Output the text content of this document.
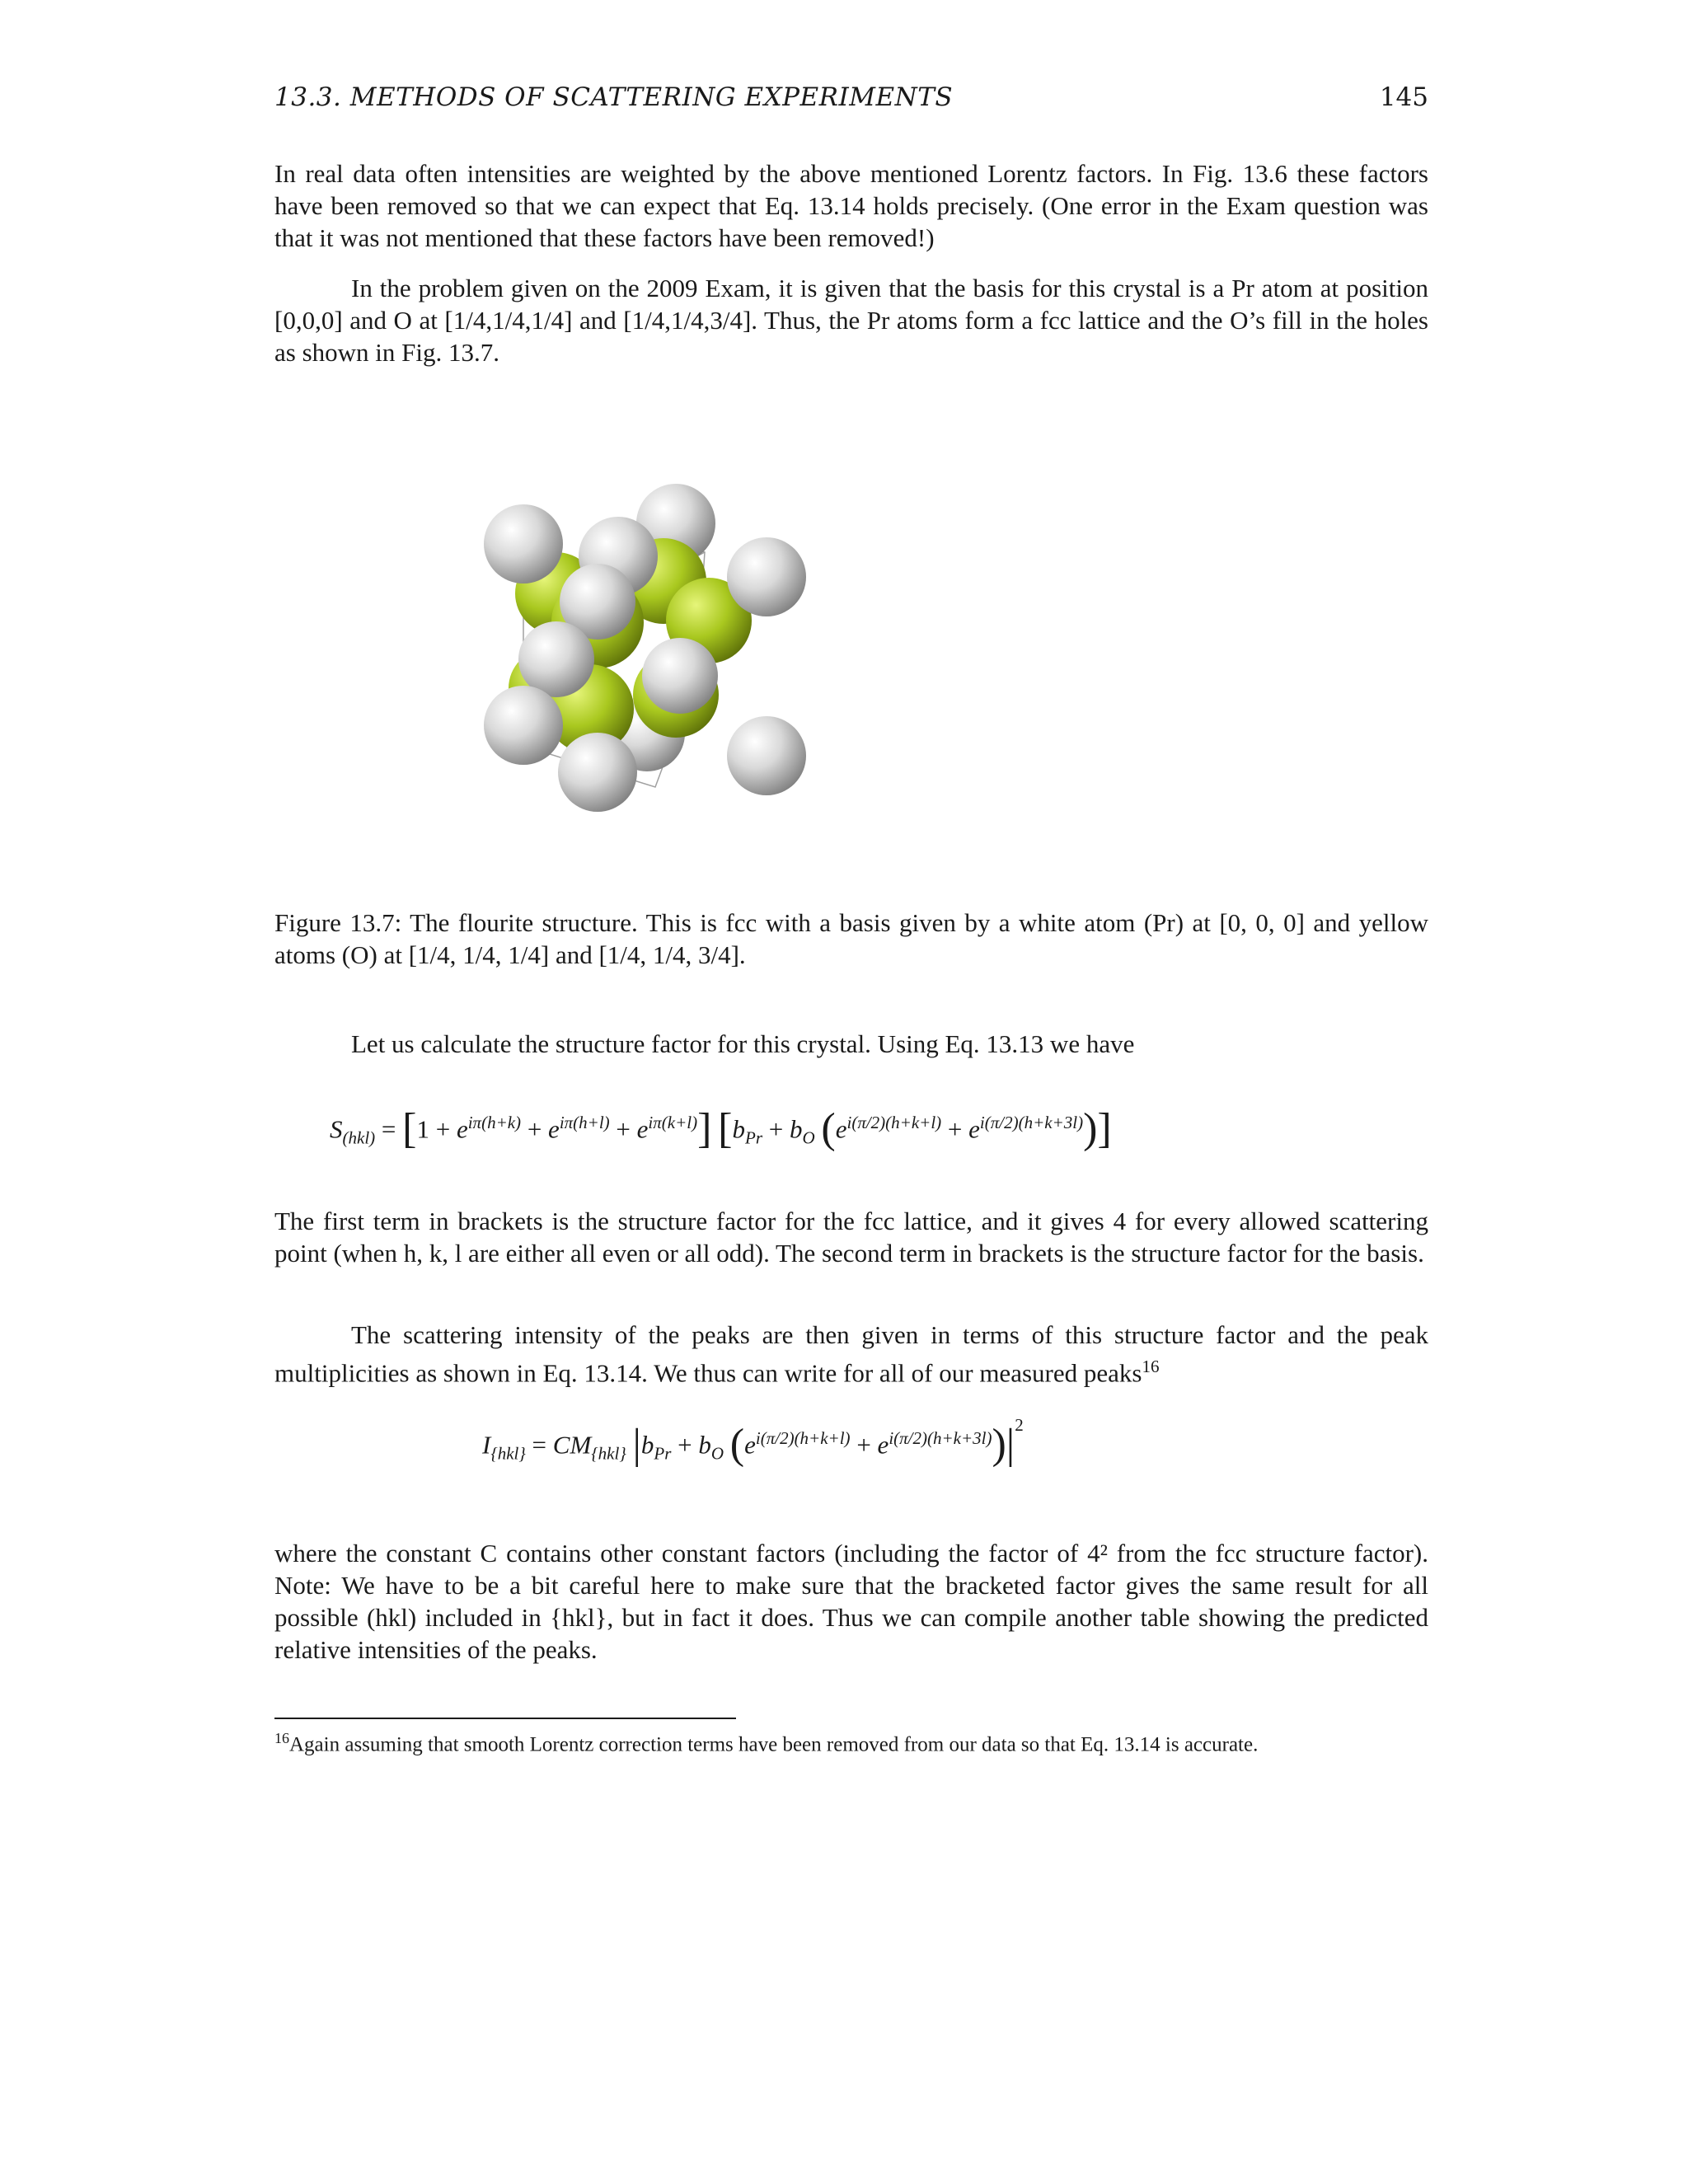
13.3. METHODS OF SCATTERING EXPERIMENTS	145

In real data often intensities are weighted by the above mentioned Lorentz factors. In Fig. 13.6 these factors have been removed so that we can expect that Eq. 13.14 holds precisely. (One error in the Exam question was that it was not mentioned that these factors have been removed!)

In the problem given on the 2009 Exam, it is given that the basis for this crystal is a Pr atom at position [0,0,0] and O at [1/4,1/4,1/4] and [1/4,1/4,3/4]. Thus, the Pr atoms form a fcc lattice and the O’s fill in the holes as shown in Fig. 13.7.

Figure 13.7: The flourite structure. This is fcc with a basis given by a white atom (Pr) at [0, 0, 0] and yellow atoms (O) at [1/4, 1/4, 1/4] and [1/4, 1/4, 3/4].

Let us calculate the structure factor for this crystal. Using Eq. 13.13 we have

$S_{(hkl)} = [1 + e^{i\pi(h+k)} + e^{i\pi(h+l)} + e^{i\pi(k+l)}] [b_{Pr} + b_O$ $(e^{i(\pi/2)(h+k+l)} + e^{i(\pi/2)(h+k+3l)})$]

The first term in brackets is the structure factor for the fcc lattice, and it gives 4 for every allowed scattering point (when h, k, l are either all even or all odd). The second term in brackets is the structure factor for the basis.

The scattering intensity of the peaks are then given in terms of this structure factor and the peak multiplicities as shown in Eq. 13.14. We thus can write for all of our measured peaks$^{16}$

$I_{\{hkl\}} = CM_{\{hkl\}}$ $|b_{Pr} + b_O$ $(e^{i(\pi/2)(h+k+l)} + e^{i(\pi/2)(h+k+3l)})|^2$

where the constant C contains other constant factors (including the factor of 4² from the fcc structure factor). Note: We have to be a bit careful here to make sure that the bracketed factor gives the same result for all possible (hkl) included in {hkl}, but in fact it does. Thus we can compile another table showing the predicted relative intensities of the peaks.

$^{16}$Again assuming that smooth Lorentz correction terms have been removed from our data so that Eq. 13.14 is accurate.
